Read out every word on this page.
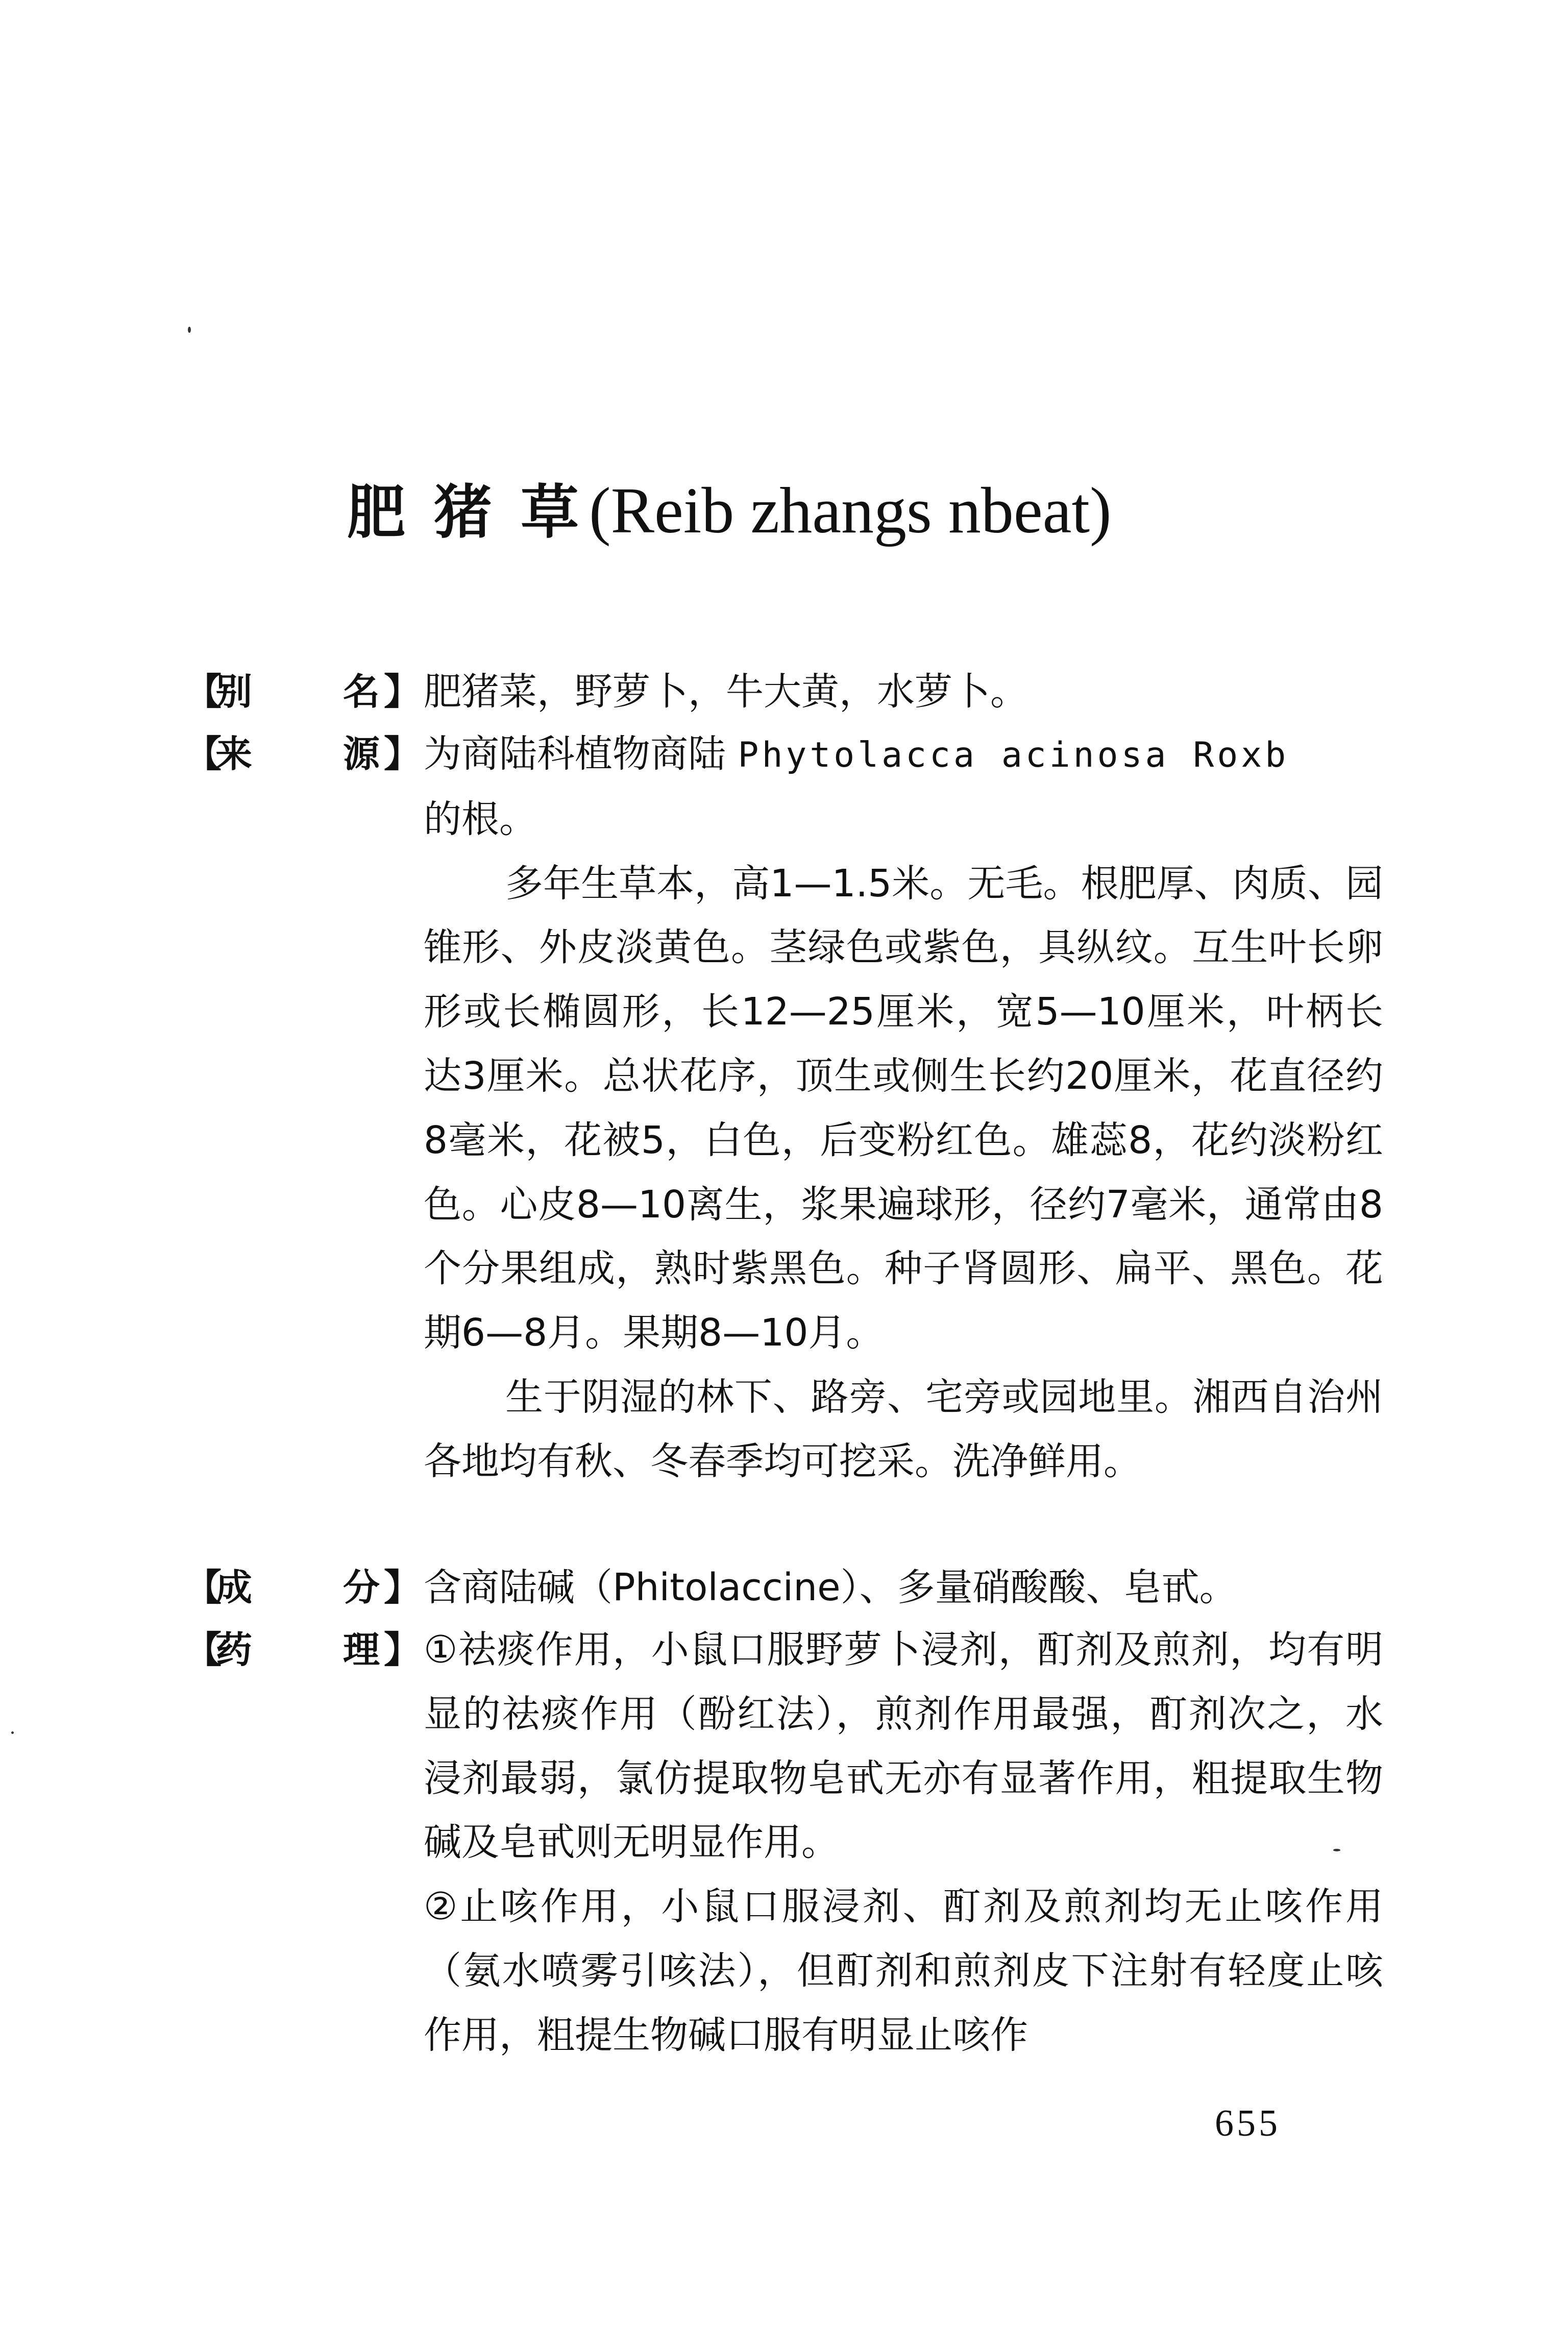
肥猪草(Reib zhangs nbeat)
【
别 名 】 肥猪菜，野萝卜，牛大黄，水萝卜。

【
来 源 】 为商陆科植物商陆 Phytolacca acinosa Roxb
的根。

多年生草本，高1—1.5米。无毛。根肥厚、肉质、园锥形、外皮淡黄色。茎绿色或紫色，具纵纹。互生叶长卵形或长椭圆形，长12—25厘米，宽5—10厘米，叶柄长达3厘米。总状花序，顶生或侧生长约20厘米，花直径约8毫米，花被5，白色，后变粉红色。雄蕊8，花约淡粉红色。心皮8—10离生，浆果遍球形，径约7毫米，通常由8个分果组成，熟时紫黑色。种子肾圆形、扁平、黑色。花期6—8月。果期8—10月。

生于阴湿的林下、路旁、宅旁或园地里。湘西自治州各地均有秋、冬春季均可挖采。洗净鲜用。

【
成 分 】 含商陆碱（Phitolaccine）、多量硝酸酸、皂甙。

【
药 理 】 ①祛痰作用，小鼠口服野萝卜浸剂，酊剂及煎剂，均有明显的祛痰作用（酚红法），煎剂作用最强，酊剂次之，水浸剂最弱，氯仿提取物皂甙无亦有显著作用，粗提取生物碱及皂甙则无明显作用。

②止咳作用，小鼠口服浸剂、酊剂及煎剂均无止咳作用（氨水喷雾引咳法），但酊剂和煎剂皮下注射有轻度止咳作用，粗提生物碱口服有明显止咳作

655
